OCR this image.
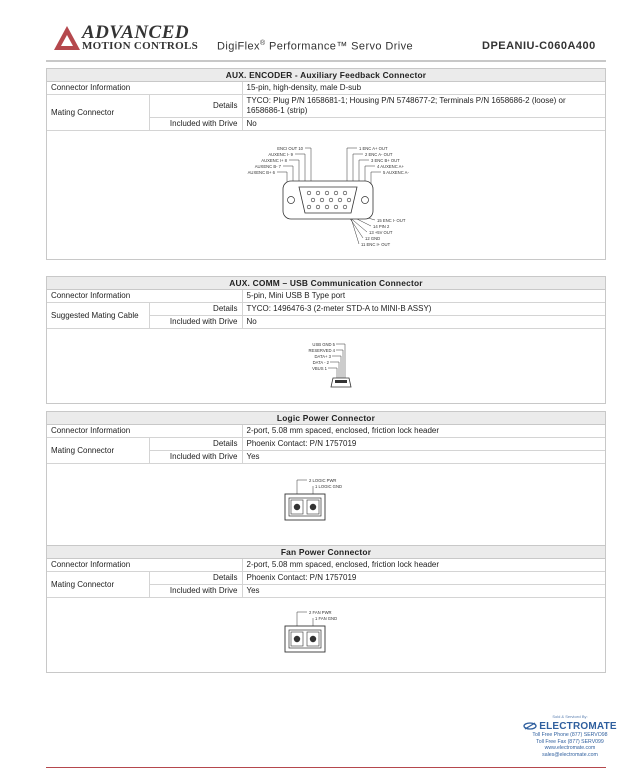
ADVANCED
MOTION CONTROLS DigiFlex® Performance™ Servo Drive	DPEANIU-C060A400
AUX. ENCODER - Auxiliary Feedback Connector
Connector Information		15-pin, high-density, male D-sub
Mating Connector	Details	TYCO: Plug P/N 1658681-1; Housing P/N 5748677-2; Terminals P/N 1658686-2 (loose) or 1658686-1 (strip)
	Included with Drive	No
ENCI OUT 10
AUXENC I- 9
AUXENC I+ 8
AUXENC B- 7
AUXENC B+ 6
1 ENC A+ OUT
2 ENC A- OUT
3 ENC B+ OUT
4 AUXENC A+
5 AUXENC A-
15 ENC I- OUT
14 PIN 2
13 +5V OUT
12 GND
11 ENC I+ OUT
AUX. COMM – USB Communication Connector
Connector Information		5-pin, Mini USB B Type port
Suggested Mating Cable	Details	TYCO: 1496476-3 (2-meter STD-A to MINI-B ASSY)
	Included with Drive	No
USB GND 5
RESERVED 4
DATA+ 3
DATA - 2
VBUS 1
Logic Power Connector
Connector Information		2-port, 5.08 mm spaced, enclosed, friction lock header
Mating Connector	Details	Phoenix Contact: P/N 1757019
	Included with Drive	Yes
2 LOGIC PWR
1 LOGIC GND
Fan Power Connector
Connector Information		2-port, 5.08 mm spaced, enclosed, friction lock header
Mating Connector	Details	Phoenix Contact: P/N 1757019
	Included with Drive	Yes
2 FAN PWR
1 FAN GND
Sold & Serviced By:
ELECTROMATE
Toll Free Phone (877) SERVO98
Toll Free Fax (877) SERV099
www.electromate.com
sales@electromate.com
